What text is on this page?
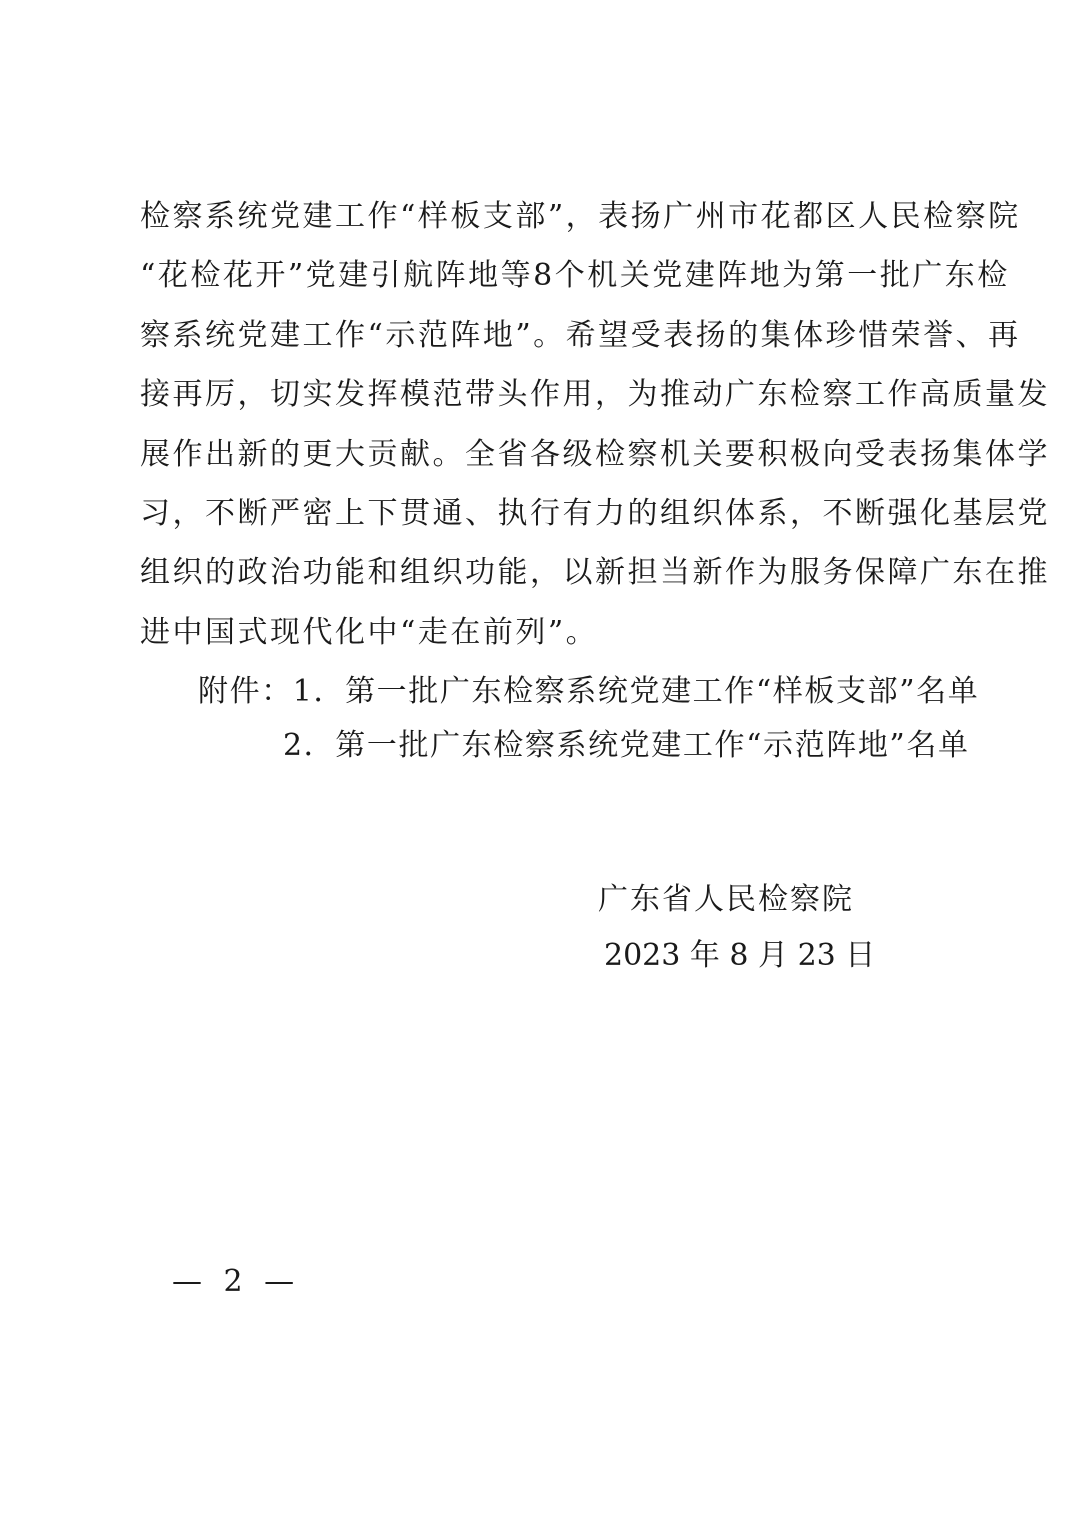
检察系统党建工作“样板支部”，表扬广州市花都区人民检察院
“花检花开”党建引航阵地等8个机关党建阵地为第一批广东检
察系统党建工作“示范阵地”。希望受表扬的集体珍惜荣誉、再
接再厉，切实发挥模范带头作用，为推动广东检察工作高质量发
展作出新的更大贡献。全省各级检察机关要积极向受表扬集体学
习，不断严密上下贯通、执行有力的组织体系，不断强化基层党
组织的政治功能和组织功能，以新担当新作为服务保障广东在推
进中国式现代化中“走在前列”。
附件：1．第一批广东检察系统党建工作“样板支部”名单
2．第一批广东检察系统党建工作“示范阵地”名单
广东省人民检察院
2023 年 8 月 23 日
— 2 —
